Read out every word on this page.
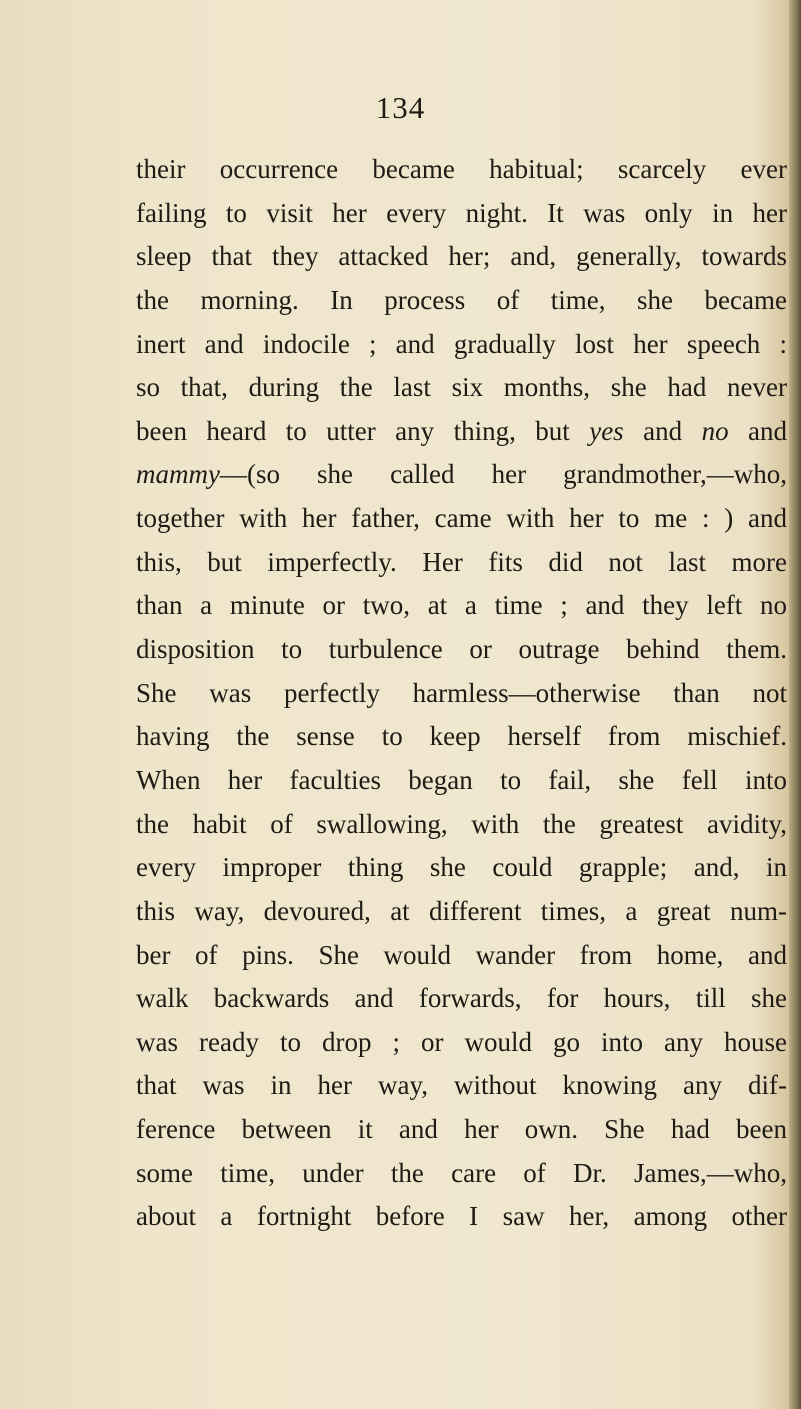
134

their occurrence became habitual; scarcely ever
failing to visit her every night. It was only in her
sleep that they attacked her; and, generally, towards
the morning. In process of time, she became
inert and indocile ; and gradually lost her speech :
so that, during the last six months, she had never
been heard to utter any thing, but yes and no and
mammy—(so she called her grandmother,—who,
together with her father, came with her to me : ) and
this, but imperfectly. Her fits did not last more
than a minute or two, at a time ; and they left no
disposition to turbulence or outrage behind them.
She was perfectly harmless—otherwise than not
having the sense to keep herself from mischief.
When her faculties began to fail, she fell into
the habit of swallowing, with the greatest avidity,
every improper thing she could grapple; and, in
this way, devoured, at different times, a great num-
ber of pins. She would wander from home, and
walk backwards and forwards, for hours, till she
was ready to drop ; or would go into any house
that was in her way, without knowing any dif-
ference between it and her own. She had been
some time, under the care of Dr. James,—who,
about a fortnight before I saw her, among other
